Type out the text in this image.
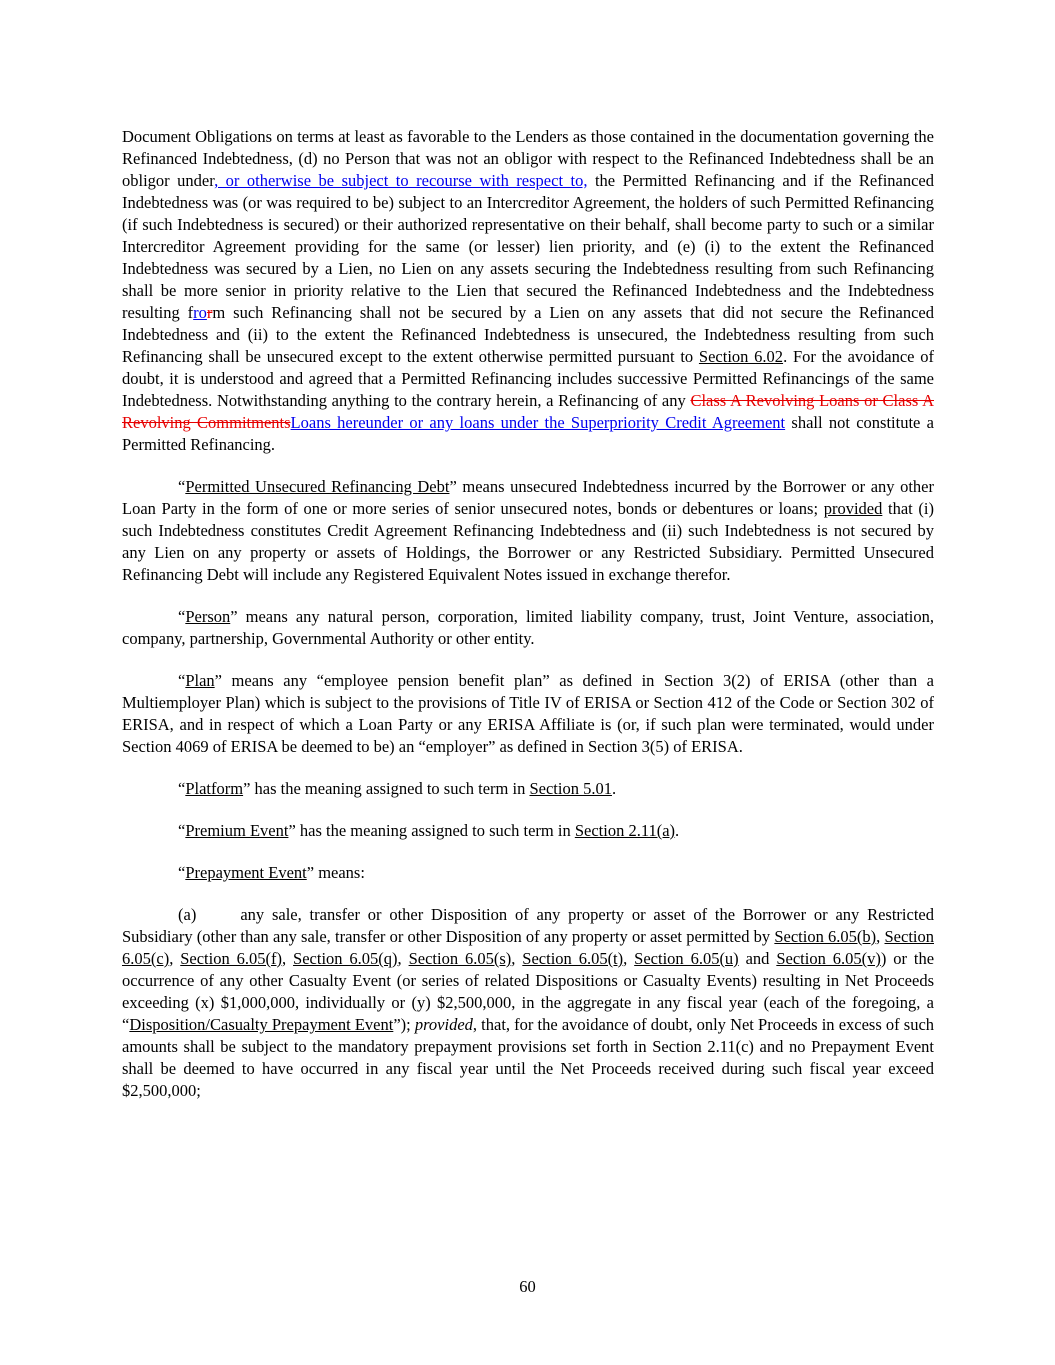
Document Obligations on terms at least as favorable to the Lenders as those contained in the documentation governing the Refinanced Indebtedness, (d) no Person that was not an obligor with respect to the Refinanced Indebtedness shall be an obligor under, or otherwise be subject to recourse with respect to, the Permitted Refinancing and if the Refinanced Indebtedness was (or was required to be) subject to an Intercreditor Agreement, the holders of such Permitted Refinancing (if such Indebtedness is secured) or their authorized representative on their behalf, shall become party to such or a similar Intercreditor Agreement providing for the same (or lesser) lien priority, and (e) (i) to the extent the Refinanced Indebtedness was secured by a Lien, no Lien on any assets securing the Indebtedness resulting from such Refinancing shall be more senior in priority relative to the Lien that secured the Refinanced Indebtedness and the Indebtedness resulting frorm such Refinancing shall not be secured by a Lien on any assets that did not secure the Refinanced Indebtedness and (ii) to the extent the Refinanced Indebtedness is unsecured, the Indebtedness resulting from such Refinancing shall be unsecured except to the extent otherwise permitted pursuant to Section 6.02. For the avoidance of doubt, it is understood and agreed that a Permitted Refinancing includes successive Permitted Refinancings of the same Indebtedness. Notwithstanding anything to the contrary herein, a Refinancing of any Class A Revolving Loans or Class A Revolving CommitmentsLoans hereunder or any loans under the Superpriority Credit Agreement shall not constitute a Permitted Refinancing.

“Permitted Unsecured Refinancing Debt” means unsecured Indebtedness incurred by the Borrower or any other Loan Party in the form of one or more series of senior unsecured notes, bonds or debentures or loans; provided that (i) such Indebtedness constitutes Credit Agreement Refinancing Indebtedness and (ii) such Indebtedness is not secured by any Lien on any property or assets of Holdings, the Borrower or any Restricted Subsidiary. Permitted Unsecured Refinancing Debt will include any Registered Equivalent Notes issued in exchange therefor.

“Person” means any natural person, corporation, limited liability company, trust, Joint Venture, association, company, partnership, Governmental Authority or other entity.

“Plan” means any “employee pension benefit plan” as defined in Section 3(2) of ERISA (other than a Multiemployer Plan) which is subject to the provisions of Title IV of ERISA or Section 412 of the Code or Section 302 of ERISA, and in respect of which a Loan Party or any ERISA Affiliate is (or, if such plan were terminated, would under Section 4069 of ERISA be deemed to be) an “employer” as defined in Section 3(5) of ERISA.

“Platform” has the meaning assigned to such term in Section 5.01.

“Premium Event” has the meaning assigned to such term in Section 2.11(a).

“Prepayment Event” means:

(a)	any sale, transfer or other Disposition of any property or asset of the Borrower or any Restricted Subsidiary (other than any sale, transfer or other Disposition of any property or asset permitted by Section 6.05(b), Section 6.05(c), Section 6.05(f), Section 6.05(q), Section 6.05(s), Section 6.05(t), Section 6.05(u) and Section 6.05(v)) or the occurrence of any other Casualty Event (or series of related Dispositions or Casualty Events) resulting in Net Proceeds exceeding (x) $1,000,000, individually or (y) $2,500,000, in the aggregate in any fiscal year (each of the foregoing, a “Disposition/Casualty Prepayment Event”); provided, that, for the avoidance of doubt, only Net Proceeds in excess of such amounts shall be subject to the mandatory prepayment provisions set forth in Section 2.11(c) and no Prepayment Event shall be deemed to have occurred in any fiscal year until the Net Proceeds received during such fiscal year exceed $2,500,000;

60
